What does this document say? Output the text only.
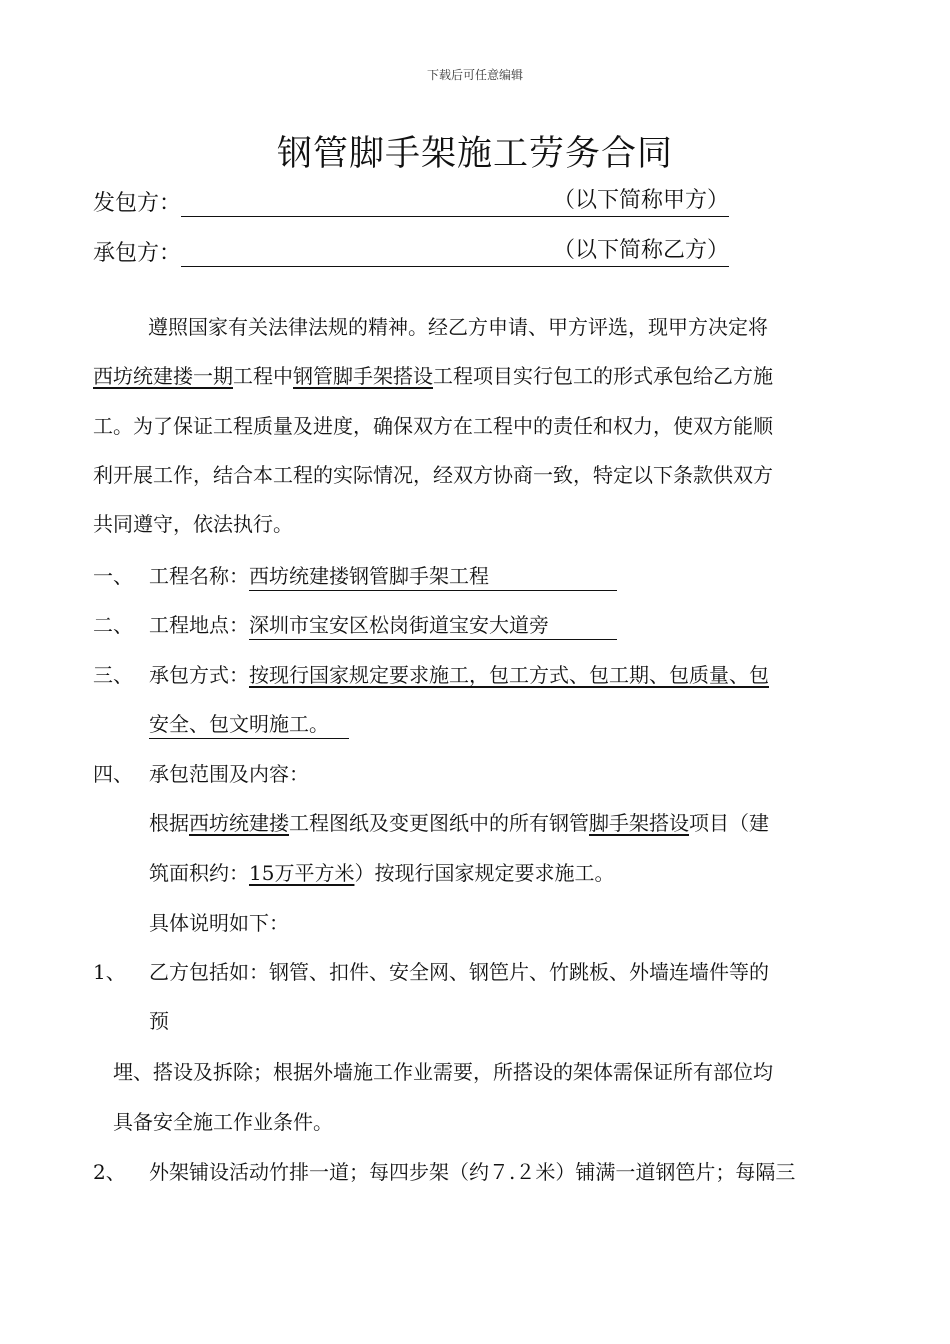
下载后可任意编辑
钢管脚手架施工劳务合同
发包方：	（以下简称甲方）
承包方：	（以下简称乙方）
遵照国家有关法律法规的精神。经乙方申请、甲方评选，现甲方决定将
西坊统建搂一期工程中钢管脚手架搭设工程项目实行包工的形式承包给乙方施
工。为了保证工程质量及进度，确保双方在工程中的责任和权力，使双方能顺
利开展工作，结合本工程的实际情况，经双方协商一致，特定以下条款供双方
共同遵守，依法执行。
一、 工程名称：西坊统建搂钢管脚手架工程
二、 工程地点：深圳市宝安区松岗街道宝安大道旁
三、 承包方式：按现行国家规定要求施工，包工方式、包工期、包质量、包
安全、包文明施工。
四、 承包范围及内容：
根据西坊统建搂工程图纸及变更图纸中的所有钢管脚手架搭设项目（建
筑面积约：15万平方米）按现行国家规定要求施工。
具体说明如下：
1、 乙方包括如：钢管、扣件、安全网、钢笆片、竹跳板、外墙连墙件等的
预
埋、搭设及拆除；根据外墙施工作业需要，所搭设的架体需保证所有部位均
具备安全施工作业条件。
2、 外架铺设活动竹排一道；每四步架（约７.２米）铺满一道钢笆片；每隔三
